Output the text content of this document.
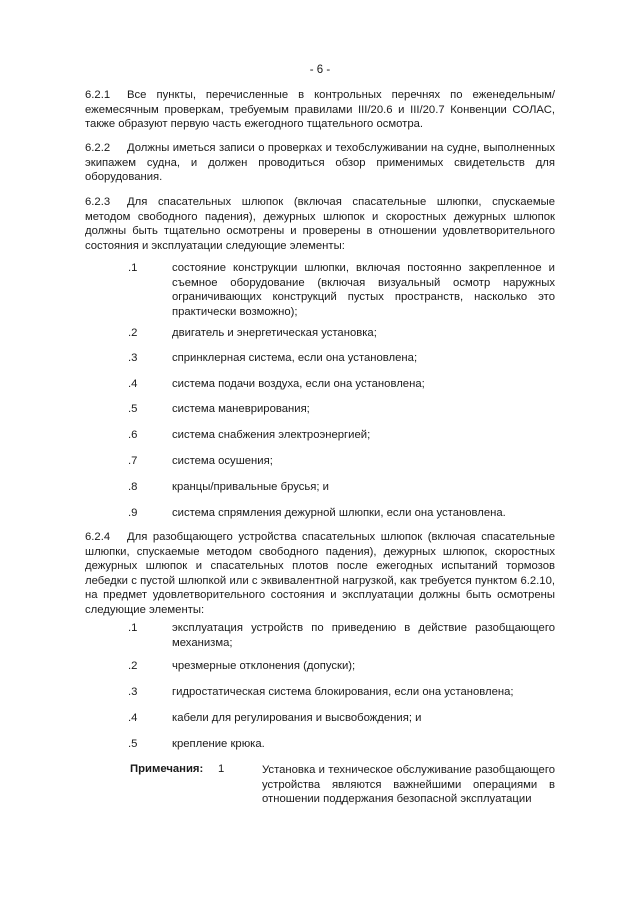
- 6 -
6.2.1 Все пункты, перечисленные в контрольных перечнях по еженедельным/ежемесячным проверкам, требуемым правилами III/20.6 и III/20.7 Конвенции СОЛАС, также образуют первую часть ежегодного тщательного осмотра.
6.2.2 Должны иметься записи о проверках и техобслуживании на судне, выполненных экипажем судна, и должен проводиться обзор применимых свидетельств для оборудования.
6.2.3 Для спасательных шлюпок (включая спасательные шлюпки, спускаемые методом свободного падения), дежурных шлюпок и скоростных дежурных шлюпок должны быть тщательно осмотрены и проверены в отношении удовлетворительного состояния и эксплуатации следующие элементы:
.1	состояние конструкции шлюпки, включая постоянно закрепленное и съемное оборудование (включая визуальный осмотр наружных ограничивающих конструкций пустых пространств, насколько это практически возможно);
.2	двигатель и энергетическая установка;
.3	спринклерная система, если она установлена;
.4	система подачи воздуха, если она установлена;
.5	система маневрирования;
.6	система снабжения электроэнергией;
.7	система осушения;
.8	кранцы/привальные брусья; и
.9	система спрямления дежурной шлюпки, если она установлена.
6.2.4 Для разобщающего устройства спасательных шлюпок (включая спасательные шлюпки, спускаемые методом свободного падения), дежурных шлюпок, скоростных дежурных шлюпок и спасательных плотов после ежегодных испытаний тормозов лебедки с пустой шлюпкой или с эквивалентной нагрузкой, как требуется пунктом 6.2.10, на предмет удовлетворительного состояния и эксплуатации должны быть осмотрены следующие элементы:
.1	эксплуатация устройств по приведению в действие разобщающего механизма;
.2	чрезмерные отклонения (допуски);
.3	гидростатическая система блокирования, если она установлена;
.4	кабели для регулирования и высвобождения; и
.5	крепление крюка.
Примечания: 1	Установка и техническое обслуживание разобщающего устройства являются важнейшими операциями в отношении поддержания безопасной эксплуатации
